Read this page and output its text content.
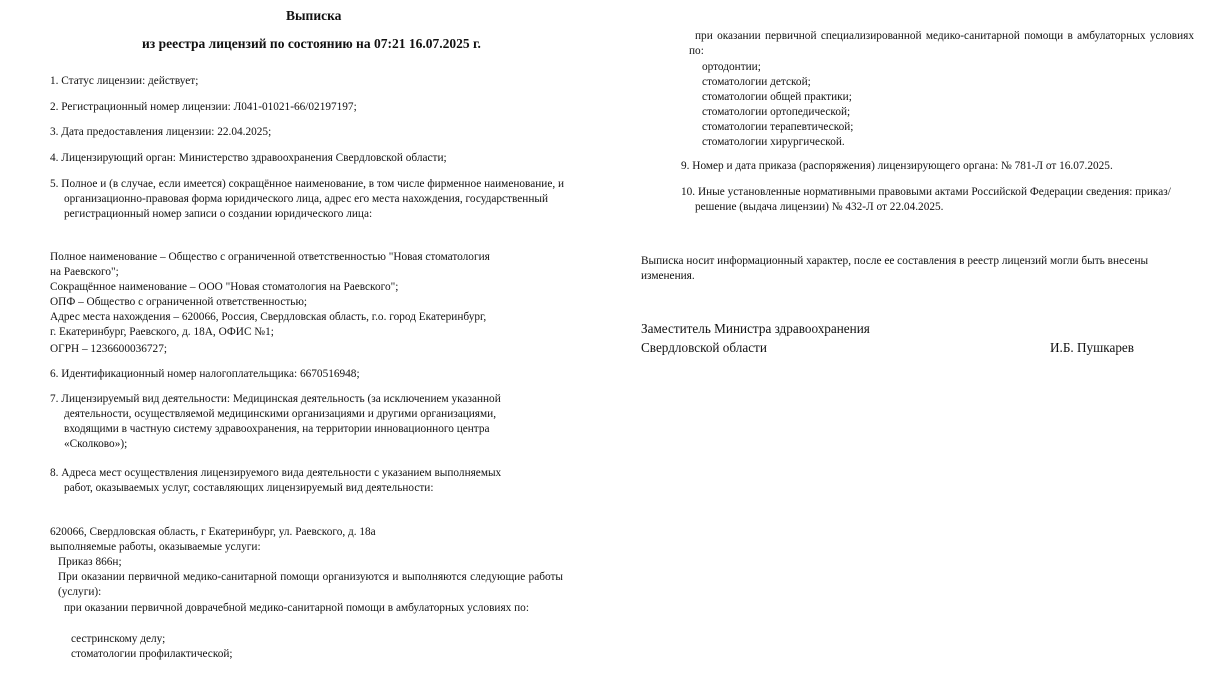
Выписка
из реестра лицензий по состоянию на 07:21 16.07.2025 г.
1. Статус лицензии: действует;
2. Регистрационный номер лицензии: Л041-01021-66/02197197;
3. Дата предоставления лицензии: 22.04.2025;
4. Лицензирующий орган: Министерство здравоохранения Свердловской области;
5. Полное и (в случае, если имеется) сокращённое наименование, в том числе фирменное наименование, и организационно-правовая форма юридического лица, адрес его места нахождения, государственный регистрационный номер записи о создании юридического лица:
Полное наименование – Общество с ограниченной ответственностью "Новая стоматология на Раевского";
Сокращённое наименование – ООО "Новая стоматология на Раевского";
ОПФ – Общество с ограниченной ответственностью;
Адрес места нахождения – 620066, Россия, Свердловская область, г.о. город Екатеринбург, г. Екатеринбург, Раевского, д. 18А, ОФИС №1;
ОГРН – 1236600036727;
6. Идентификационный номер налогоплательщика: 6670516948;
7. Лицензируемый вид деятельности: Медицинская деятельность (за исключением указанной деятельности, осуществляемой медицинскими организациями и другими организациями, входящими в частную систему здравоохранения, на территории инновационного центра «Сколково»);
8. Адреса мест осуществления лицензируемого вида деятельности с указанием выполняемых работ, оказываемых услуг, составляющих лицензируемый вид деятельности:
620066, Свердловская область, г Екатеринбург, ул. Раевского, д. 18а
выполняемые работы, оказываемые услуги:
Приказ 866н;
При оказании первичной медико-санитарной помощи организуются и выполняются следующие работы (услуги):
при оказании первичной доврачебной медико-санитарной помощи в амбулаторных условиях по:
сестринскому делу;
стоматологии профилактической;
при оказании первичной специализированной медико-санитарной помощи в амбулаторных условиях по:
ортодонтии;
стоматологии детской;
стоматологии общей практики;
стоматологии ортопедической;
стоматологии терапевтической;
стоматологии хирургической.
9. Номер и дата приказа (распоряжения) лицензирующего органа: № 781-Л от 16.07.2025.
10. Иные установленные нормативными правовыми актами Российской Федерации сведения: приказ/решение (выдача лицензии) № 432-Л от 22.04.2025.
Выписка носит информационный характер, после ее составления в реестр лицензий могли быть внесены изменения.
Заместитель Министра здравоохранения
Свердловской области	И.Б. Пушкарев
